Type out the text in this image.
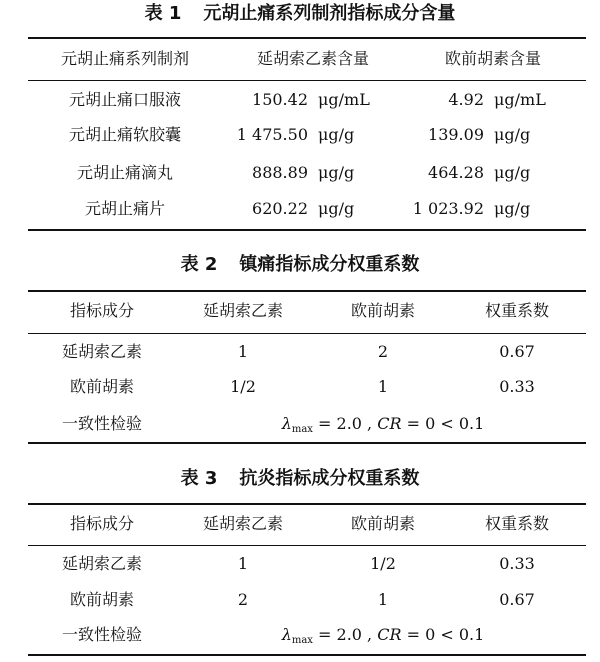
表 1 元胡止痛系列制剂指标成分含量
元胡止痛系列制剂	延胡索乙素含量	欧前胡素含量
元胡止痛口服液	150.42 μg/mL	4.92 μg/mL
元胡止痛软胶囊	1 475.50 μg/g	139.09 μg/g
元胡止痛滴丸	888.89 μg/g	464.28 μg/g
元胡止痛片	620.22 μg/g	1 023.92 μg/g
表 2 镇痛指标成分权重系数
指标成分	延胡索乙素	欧前胡素	权重系数
延胡索乙素	1	2	0.67
欧前胡素	1/2	1	0.33
一致性检验	$\lambda_{max} = 2.0$ , CR = 0 < 0.1
表 3 抗炎指标成分权重系数
指标成分	延胡索乙素	欧前胡素	权重系数
延胡索乙素	1	1/2	0.33
欧前胡素	2	1	0.67
一致性检验	$\lambda_{max} = 2.0$ , CR = 0 < 0.1
